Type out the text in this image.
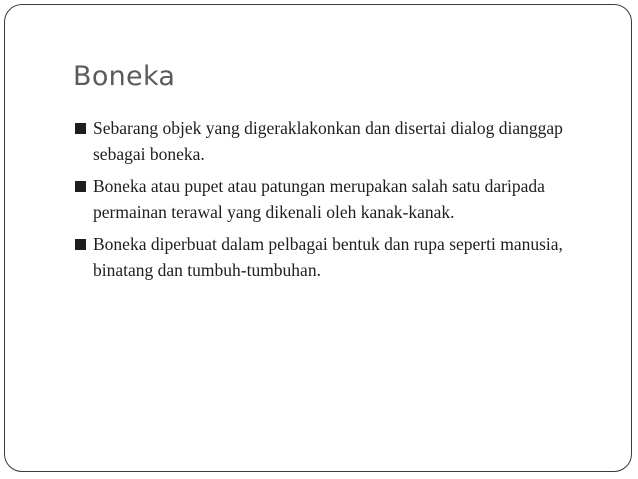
Boneka
Sebarang objek yang digeraklakonkan dan disertai dialog dianggap sebagai boneka.
Boneka atau pupet atau patungan merupakan salah satu daripada permainan terawal yang dikenali oleh kanak-kanak.
Boneka diperbuat dalam pelbagai bentuk dan rupa seperti manusia, binatang dan tumbuh-tumbuhan.
